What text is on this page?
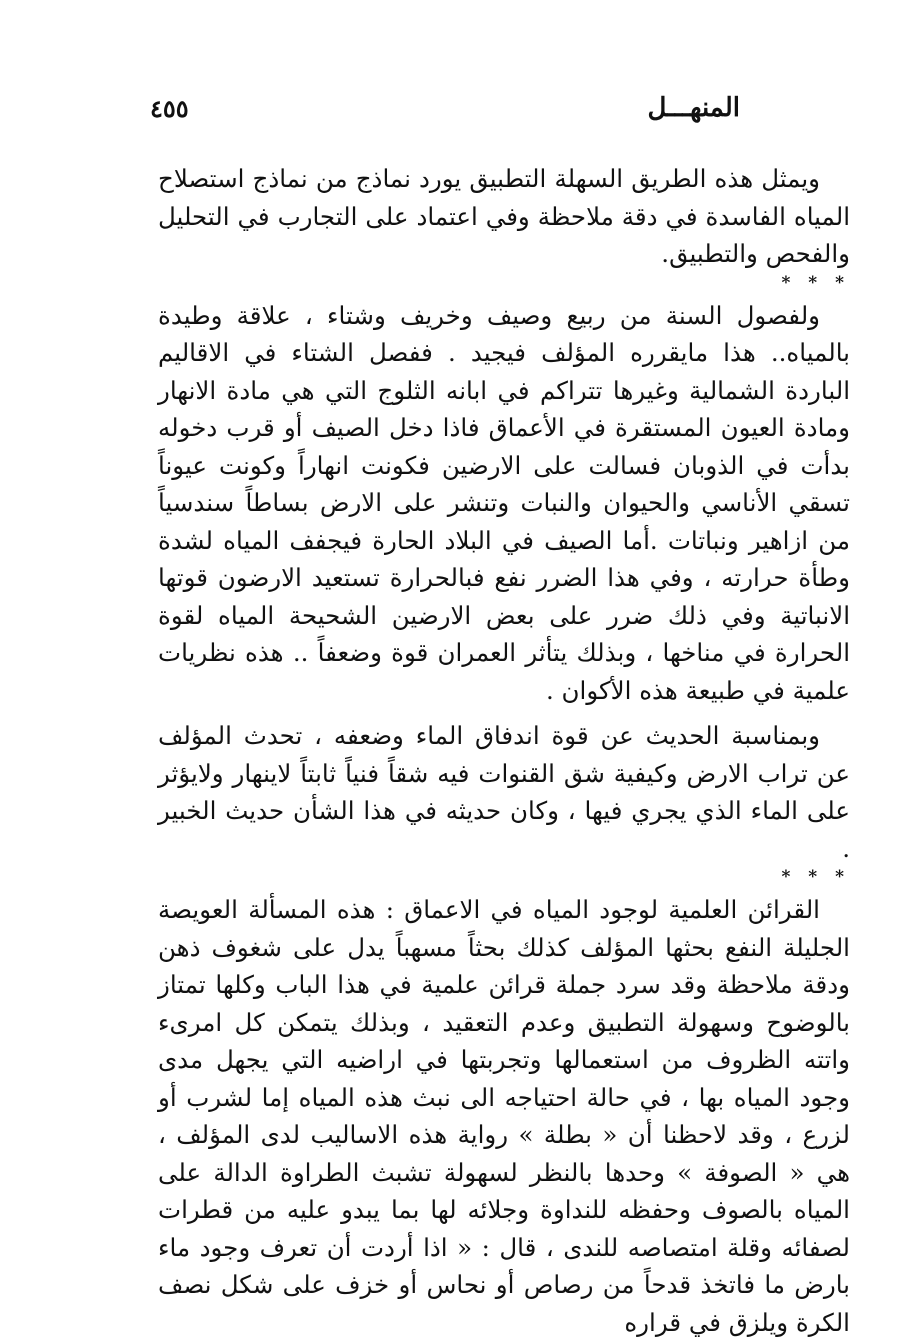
المنهـــل
٤٥٥

ويمثل هذه الطريق السهلة التطبيق يورد نماذج من نماذج استصلاح المياه الفاسدة في دقة ملاحظة وفي اعتماد على التجارب في التحليل والفحص والتطبيق.

* * *

ولفصول السنة من ربيع وصيف وخريف وشتاء ، علاقة وطيدة بالمياه.. هذا مايقرره المؤلف فيجيد . ففصل الشتاء في الاقاليم الباردة الشمالية وغيرها تتراكم في ابانه الثلوج التي هي مادة الانهار ومادة العيون المستقرة في الأعماق فاذا دخل الصيف أو قرب دخوله بدأت في الذوبان فسالت على الارضين فكونت انهاراً وكونت عيوناً تسقي الأناسي والحيوان والنبات وتنشر على الارض بساطاً سندسياً من ازاهير ونباتات .أما الصيف في البلاد الحارة فيجفف المياه لشدة وطأة حرارته ، وفي هذا الضرر نفع فبالحرارة تستعيد الارضون قوتها الانباتية وفي ذلك ضرر على بعض الارضين الشحيحة المياه لقوة الحرارة في مناخها ، وبذلك يتأثر العمران قوة وضعفاً .. هذه نظريات علمية في طبيعة هذه الأكوان .

وبمناسبة الحديث عن قوة اندفاق الماء وضعفه ، تحدث المؤلف عن تراب الارض وكيفية شق القنوات فيه شقاً فنياً ثابتاً لاينهار ولايؤثر على الماء الذي يجري فيها ، وكان حديثه في هذا الشأن حديث الخبير .

* * *

القرائن العلمية لوجود المياه في الاعماق : هذه المسألة العويصة الجليلة النفع بحثها المؤلف كذلك بحثاً مسهباً يدل على شغوف ذهن ودقة ملاحظة وقد سرد جملة قرائن علمية في هذا الباب وكلها تمتاز بالوضوح وسهولة التطبيق وعدم التعقيد ، وبذلك يتمكن كل امرىء واتته الظروف من استعمالها وتجربتها في اراضيه التي يجهل مدى وجود المياه بها ، في حالة احتياجه الى نبث هذه المياه إما لشرب أو لزرع ، وقد لاحظنا أن « بطلة » رواية هذه الاساليب لدى المؤلف ، هي « الصوفة » وحدها بالنظر لسهولة تشبث الطراوة الدالة على المياه بالصوف وحفظه للنداوة وجلائه لها بما يبدو عليه من قطرات لصفائه وقلة امتصاصه للندى ، قال : « اذا أردت أن تعرف وجود ماء بارض ما فاتخذ قدحاً من رصاص أو نحاس أو خزف على شكل نصف الكرة ويلزق في قراره
